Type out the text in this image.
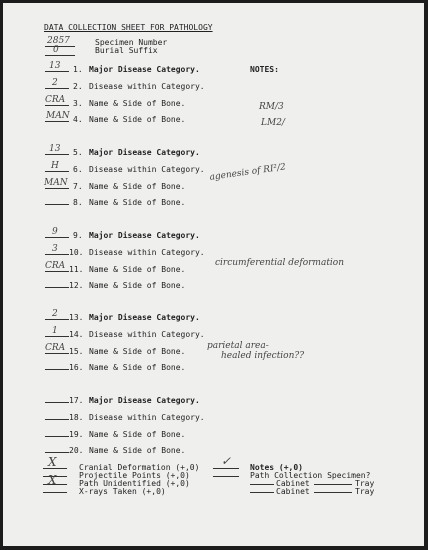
DATA COLLECTION SHEET FOR PATHOLOGY
2857	Specimen Number
0	Burial Suffix
NOTES:
13 1. Major Disease Category.
2 2. Disease within Category.
CRA 3. Name & Side of Bone.
MAN 4. Name & Side of Bone.
RM/3
LM2/
13 5. Major Disease Category.
H 6. Disease within Category.
MAN 7. Name & Side of Bone.
8. Name & Side of Bone.
agenesis of RI²/2
9 9. Major Disease Category.
3 10. Disease within Category.
CRA 11. Name & Side of Bone.
12. Name & Side of Bone.
circumferential deformation
2 13. Major Disease Category.
1 14. Disease within Category.
CRA 15. Name & Side of Bone.
16. Name & Side of Bone.
parietal area-
healed infection??
17. Major Disease Category.
18. Disease within Category.
19. Name & Side of Bone.
20. Name & Side of Bone.
X	Cranial Deformation (+,0)
Projectile Points (+,0)
X	Path Unidentified (+,0)
X-rays Taken (+,0)
✓ Notes (+,0)
Path Collection Specimen?
Cabinet	Tray
Cabinet	Tray
